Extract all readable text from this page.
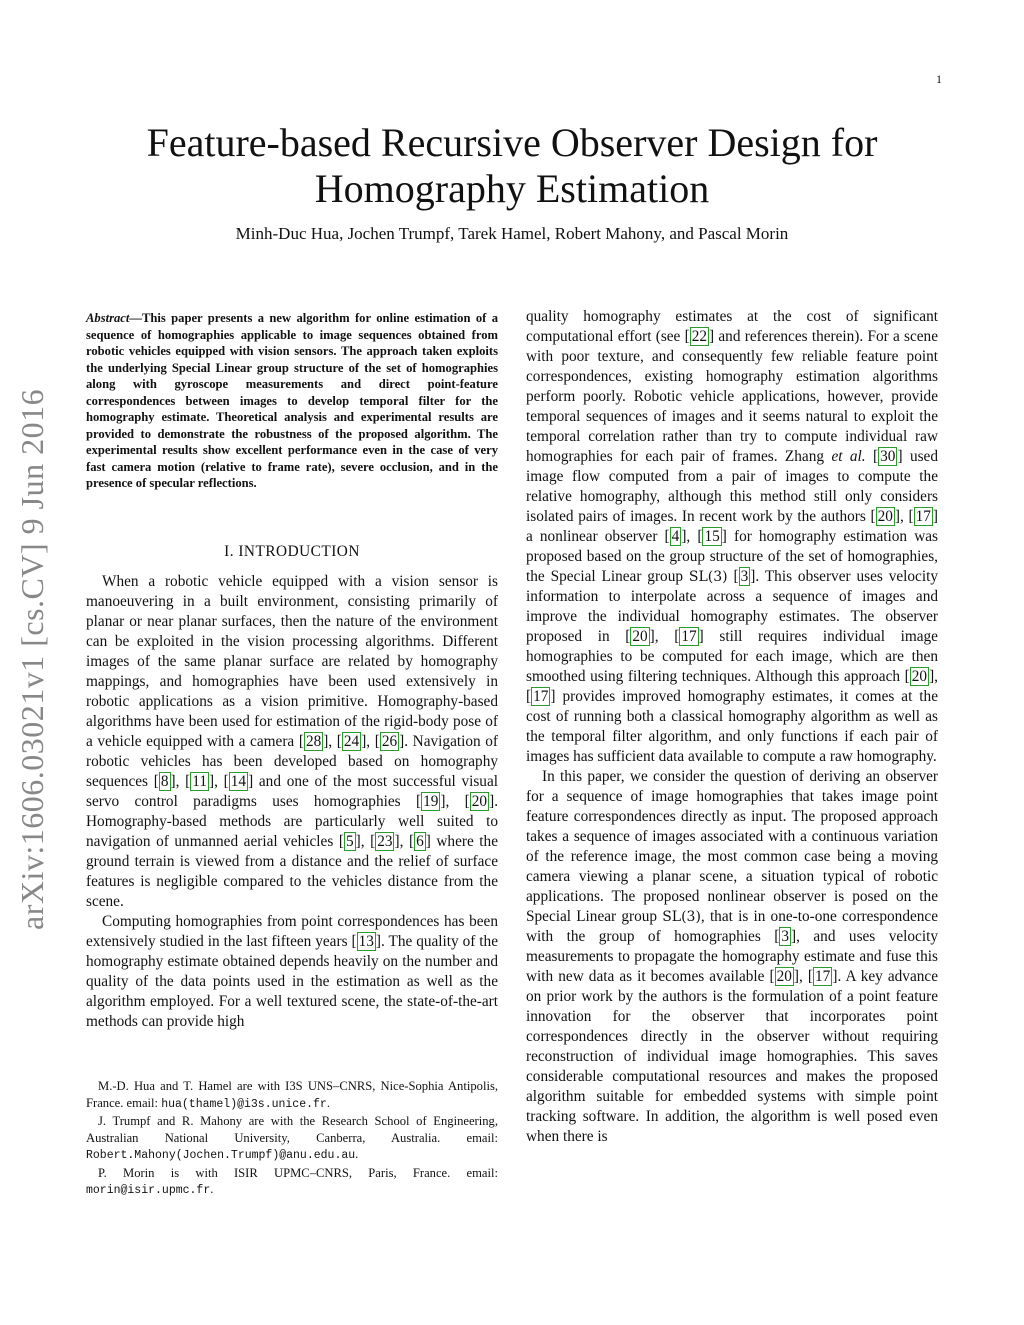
1
arXiv:1606.03021v1 [cs.CV] 9 Jun 2016
Feature-based Recursive Observer Design for
Homography Estimation
Minh-Duc Hua, Jochen Trumpf, Tarek Hamel, Robert Mahony, and Pascal Morin

Abstract—This paper presents a new algorithm for online estimation of a sequence of homographies applicable to image sequences obtained from robotic vehicles equipped with vision sensors. The approach taken exploits the underlying Special Linear group structure of the set of homographies along with gyroscope measurements and direct point-feature correspondences between images to develop temporal filter for the homography estimate. Theoretical analysis and experimental results are provided to demonstrate the robustness of the proposed algorithm. The experimental results show excellent performance even in the case of very fast camera motion (relative to frame rate), severe occlusion, and in the presence of specular reflections.

I. INTRODUCTION

When a robotic vehicle equipped with a vision sensor is manoeuvering in a built environment, consisting primarily of planar or near planar surfaces, then the nature of the environment can be exploited in the vision processing algorithms. Different images of the same planar surface are related by homography mappings, and homographies have been used extensively in robotic applications as a vision primitive. Homography-based algorithms have been used for estimation of the rigid-body pose of a vehicle equipped with a camera [ 28 ], [ 24 ], [ 26 ]. Navigation of robotic vehicles has been developed based on homography sequences [ 8 ], [ 11 ], [ 14 ] and one of the most successful visual servo control paradigms uses homographies [ 19 ], [ 20 ]. Homography-based methods are particularly well suited to navigation of unmanned aerial vehicles [ 5 ], [ 23 ], [ 6 ] where the ground terrain is viewed from a distance and the relief of surface features is negligible compared to the vehicles distance from the scene.

Computing homographies from point correspondences has been extensively studied in the last fifteen years [ 13 ]. The quality of the homography estimate obtained depends heavily on the number and quality of the data points used in the estimation as well as the algorithm employed. For a well textured scene, the state-of-the-art methods can provide high

M.-D. Hua and T. Hamel are with I3S UNS–CNRS, Nice-Sophia Antipolis, France. email: hua(thamel)@i3s.unice.fr.

J. Trumpf and R. Mahony are with the Research School of Engineering, Australian National University, Canberra, Australia. email: Robert.Mahony(Jochen.Trumpf)@anu.edu.au.

P. Morin is with ISIR UPMC–CNRS, Paris, France. email: morin@isir.upmc.fr.

quality homography estimates at the cost of significant computational effort (see [ 22 ] and references therein). For a scene with poor texture, and consequently few reliable feature point correspondences, existing homography estimation algorithms perform poorly. Robotic vehicle applications, however, provide temporal sequences of images and it seems natural to exploit the temporal correlation rather than try to compute individual raw homographies for each pair of frames. Zhang et al. [ 30 ] used image flow computed from a pair of images to compute the relative homography, although this method still only considers isolated pairs of images. In recent work by the authors [ 20 ], [ 17 ] a nonlinear observer [ 4 ], [ 15 ] for homography estimation was proposed based on the group structure of the set of homographies, the Special Linear group SL(3) [ 3 ]. This observer uses velocity information to interpolate across a sequence of images and improve the individual homography estimates. The observer proposed in [ 20 ], [ 17 ] still requires individual image homographies to be computed for each image, which are then smoothed using filtering techniques. Although this approach [ 20 ], [ 17 ] provides improved homography estimates, it comes at the cost of running both a classical homography algorithm as well as the temporal filter algorithm, and only functions if each pair of images has sufficient data available to compute a raw homography.

In this paper, we consider the question of deriving an observer for a sequence of image homographies that takes image point feature correspondences directly as input. The proposed approach takes a sequence of images associated with a continuous variation of the reference image, the most common case being a moving camera viewing a planar scene, a situation typical of robotic applications. The proposed nonlinear observer is posed on the Special Linear group SL(3), that is in one-to-one correspondence with the group of homographies [ 3 ], and uses velocity measurements to propagate the homography estimate and fuse this with new data as it becomes available [ 20 ], [ 17 ]. A key advance on prior work by the authors is the formulation of a point feature innovation for the observer that incorporates point correspondences directly in the observer without requiring reconstruction of individual image homographies. This saves considerable computational resources and makes the proposed algorithm suitable for embedded systems with simple point tracking software. In addition, the algorithm is well posed even when there is
